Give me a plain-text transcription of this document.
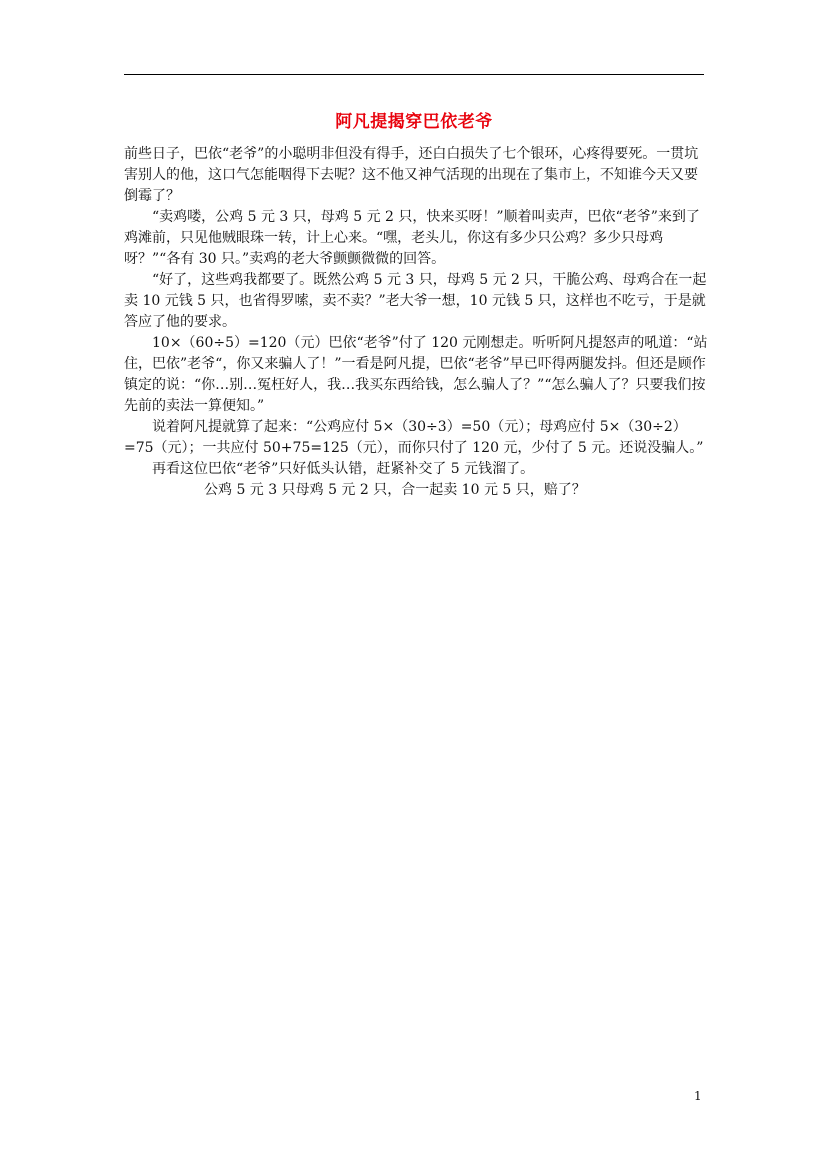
阿凡提揭穿巴依老爷

前些日子，巴依“老爷”的小聪明非但没有得手，还白白损失了七个银环，心疼得要死。一贯坑害别人的他，这口气怎能咽得下去呢？这不他又神气活现的出现在了集市上，不知谁今天又要倒霉了？

“卖鸡喽，公鸡 5 元 3 只，母鸡 5 元 2 只，快来买呀！”顺着叫卖声，巴依“老爷”来到了鸡滩前，只见他贼眼珠一转，计上心来。“嘿，老头儿，你这有多少只公鸡？多少只母鸡呀？”“各有 30 只。”卖鸡的老大爷颤颤微微的回答。

“好了，这些鸡我都要了。既然公鸡 5 元 3 只，母鸡 5 元 2 只，干脆公鸡、母鸡合在一起卖 10 元钱 5 只，也省得罗嗦，卖不卖？”老大爷一想，10 元钱 5 只，这样也不吃亏，于是就答应了他的要求。

10×（60÷5）=120（元）巴依“老爷”付了 120 元刚想走。听听阿凡提怒声的吼道：“站住，巴依”老爷“，你又来骗人了！”一看是阿凡提，巴依“老爷”早已吓得两腿发抖。但还是顾作镇定的说：“你…别…冤枉好人，我…我买东西给钱，怎么骗人了？”“怎么骗人了？只要我们按先前的卖法一算便知。”

说着阿凡提就算了起来：“公鸡应付 5×（30÷3）=50（元）；母鸡应付 5×（30÷2）=75（元）；一共应付 50+75=125（元），而你只付了 120 元，少付了 5 元。还说没骗人。”

再看这位巴依“老爷”只好低头认错，赶紧补交了 5 元钱溜了。

公鸡 5 元 3 只母鸡 5 元 2 只，合一起卖 10 元 5 只，赔了？

1
